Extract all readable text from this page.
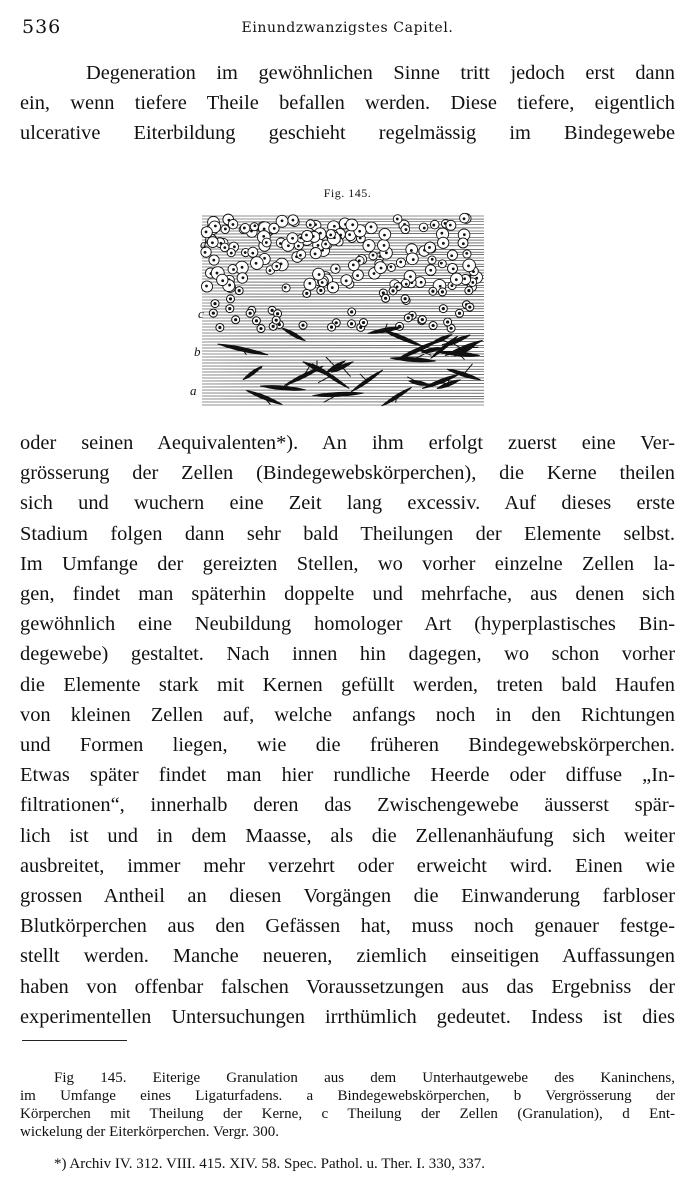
536	Einundzwanzigstes Capitel.
Degeneration im gewöhnlichen Sinne tritt jedoch erst dann
ein, wenn tiefere Theile befallen werden. Diese tiefere, eigentlich
ulcerative Eiterbildung geschieht regelmässig im Bindegewebe
Fig. 145.
d
c
b
a
oder seinen Aequivalenten*). An ihm erfolgt zuerst eine Ver-
grösserung der Zellen (Bindegewebskörperchen), die Kerne theilen
sich und wuchern eine Zeit lang excessiv. Auf dieses erste
Stadium folgen dann sehr bald Theilungen der Elemente selbst.
Im Umfange der gereizten Stellen, wo vorher einzelne Zellen la-
gen, findet man späterhin doppelte und mehrfache, aus denen sich
gewöhnlich eine Neubildung homologer Art (hyperplastisches Bin-
degewebe) gestaltet. Nach innen hin dagegen, wo schon vorher
die Elemente stark mit Kernen gefüllt werden, treten bald Haufen
von kleinen Zellen auf, welche anfangs noch in den Richtungen
und Formen liegen, wie die früheren Bindegewebskörperchen.
Etwas später findet man hier rundliche Heerde oder diffuse „In-
filtrationen“, innerhalb deren das Zwischengewebe äusserst spär-
lich ist und in dem Maasse, als die Zellenanhäufung sich weiter
ausbreitet, immer mehr verzehrt oder erweicht wird. Einen wie
grossen Antheil an diesen Vorgängen die Einwanderung farbloser
Blutkörperchen aus den Gefässen hat, muss noch genauer festge-
stellt werden. Manche neueren, ziemlich einseitigen Auffassungen
haben von offenbar falschen Voraussetzungen aus das Ergebniss der
experimentellen Untersuchungen irrthümlich gedeutet. Indess ist dies
Fig 145. Eiterige Granulation aus dem Unterhautgewebe des Kaninchens,
im Umfange eines Ligaturfadens. a Bindegewebskörperchen, b Vergrösserung der
Körperchen mit Theilung der Kerne, c Theilung der Zellen (Granulation), d Ent-
wickelung der Eiterkörperchen. Vergr. 300.
*) Archiv IV. 312. VIII. 415. XIV. 58. Spec. Pathol. u. Ther. I. 330, 337.
